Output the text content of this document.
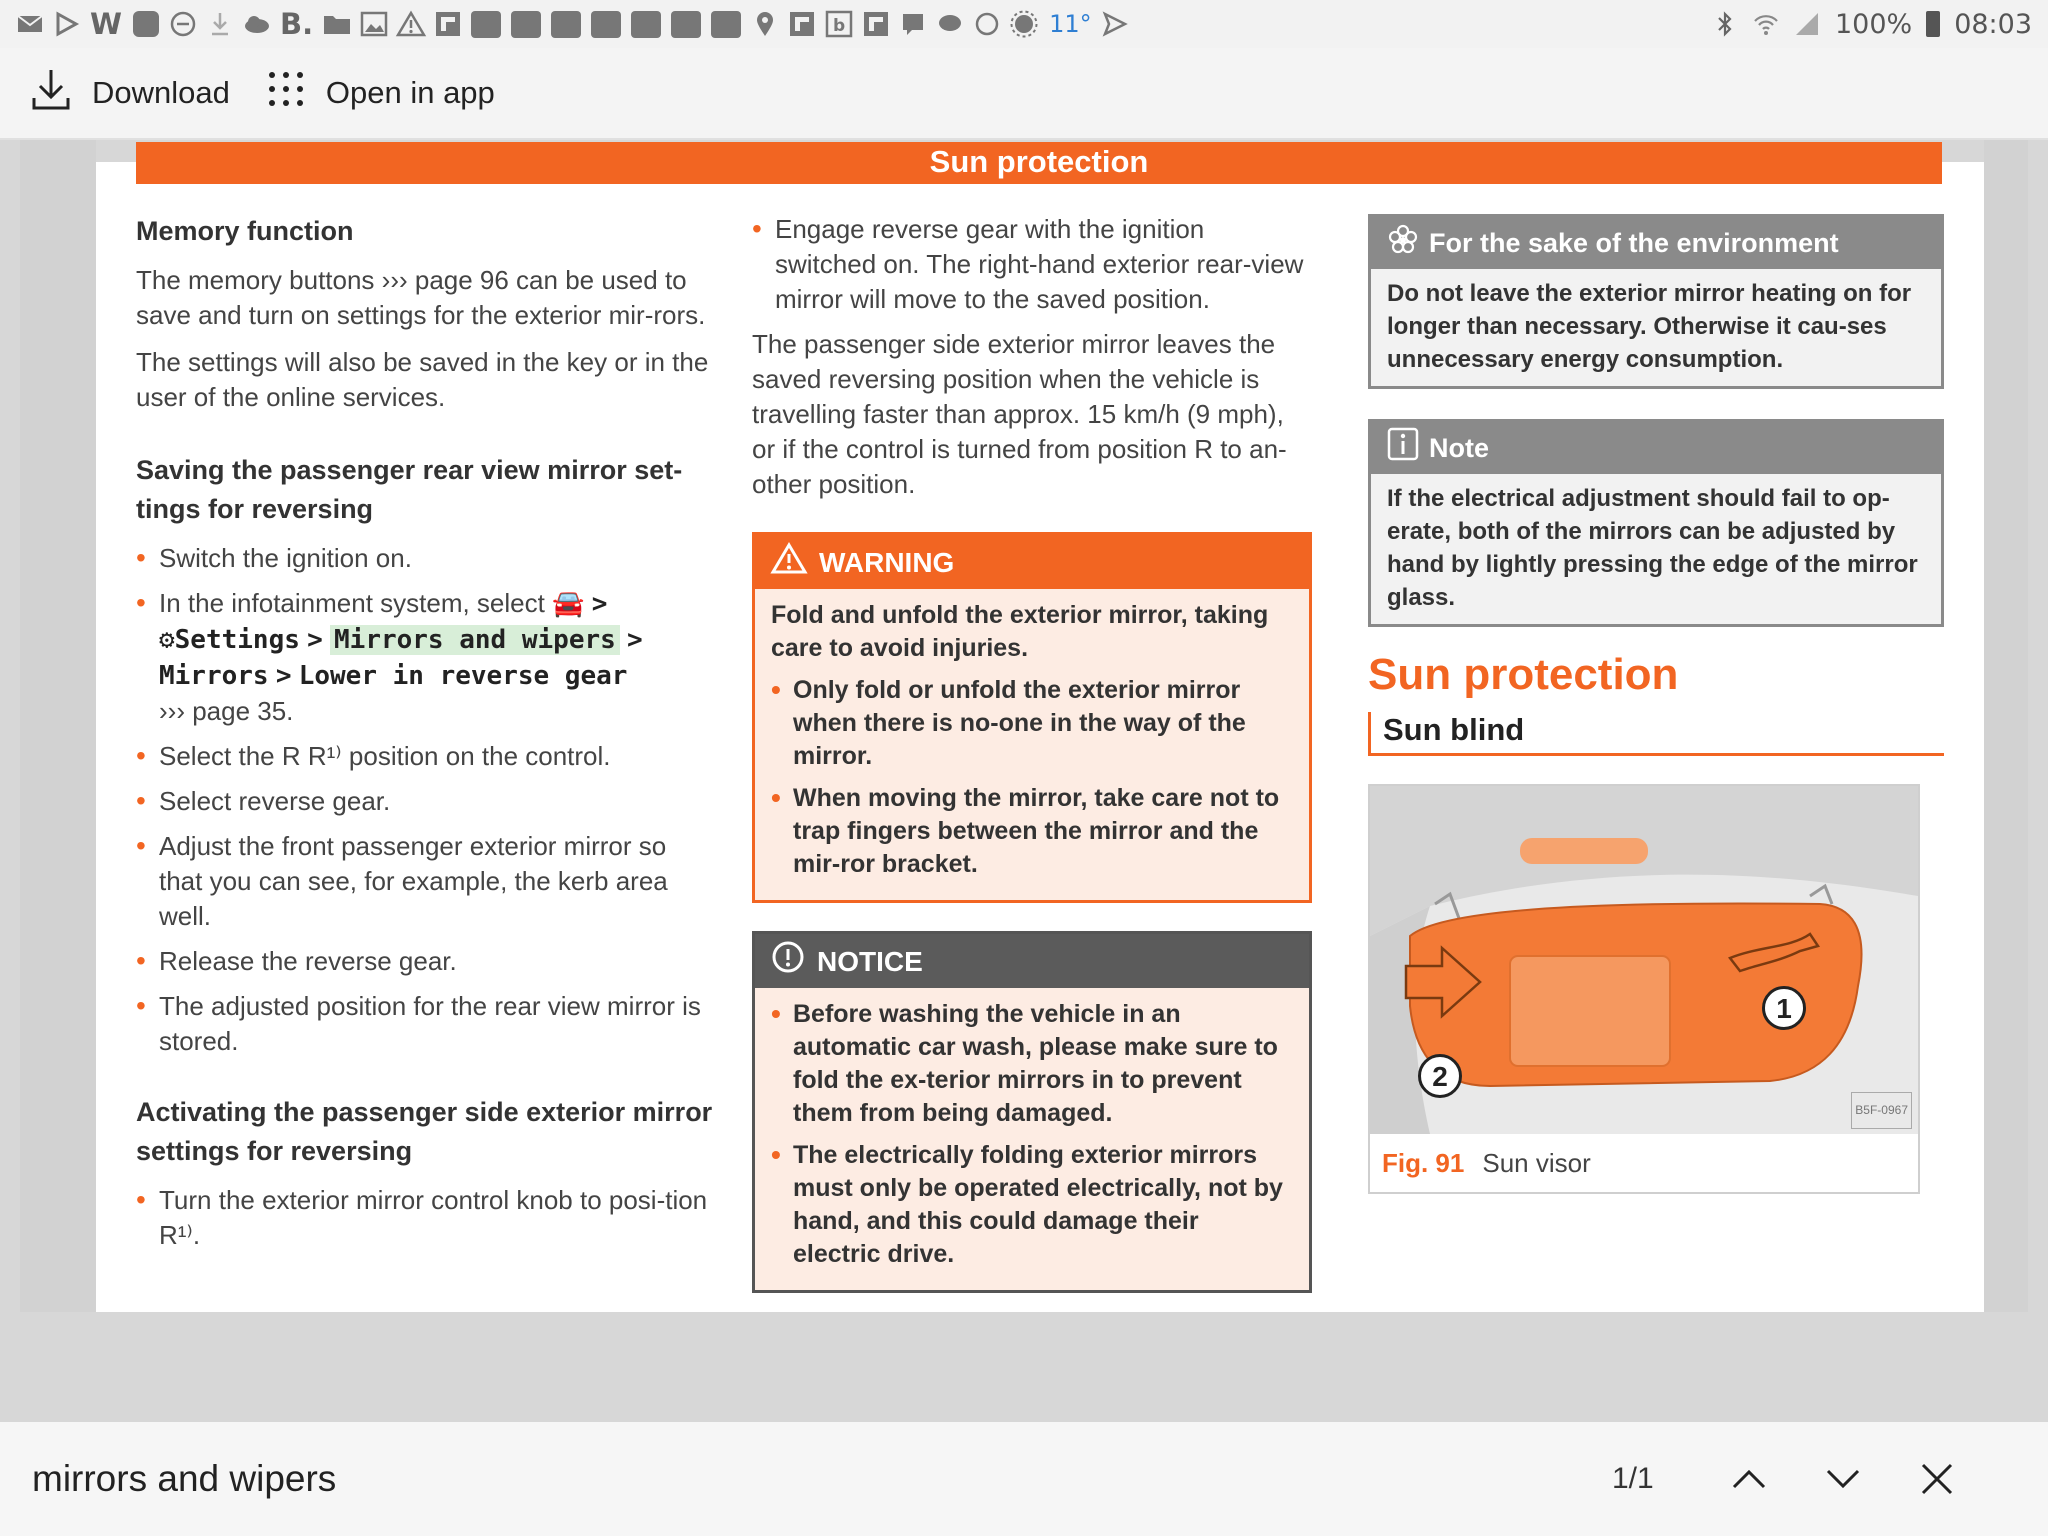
W	B.	b	11°	100% 08:03
Download	Open in app
Sun protection
Memory function

The memory buttons ››› page 96 can be used to save and turn on settings for the exterior mir-rors.

The settings will also be saved in the key or in the user of the online services.

Saving the passenger rear view mirror set-tings for reversing
• Switch the ignition on.
• In the infotainment system, select 🚘 >
⚙Settings > Mirrors and wipers >
Mirrors > Lower in reverse gear
››› page 35.
• Select the R R¹⁾ position on the control.
• Select reverse gear.
• Adjust the front passenger exterior mirror so that you can see, for example, the kerb area well.
• Release the reverse gear.
• The adjusted position for the rear view mirror is stored.
Activating the passenger side exterior mirror settings for reversing
• Turn the exterior mirror control knob to posi-tion R¹⁾.
• Engage reverse gear with the ignition switched on. The right-hand exterior rear-view mirror will move to the saved position.

The passenger side exterior mirror leaves the saved reversing position when the vehicle is travelling faster than approx. 15 km/h (9 mph), or if the control is turned from position R to an-other position.

WARNING

Fold and unfold the exterior mirror, taking care to avoid injuries.

• Only fold or unfold the exterior mirror when there is no-one in the way of the mirror.
• When moving the mirror, take care not to trap fingers between the mirror and the mir-ror bracket.
NOTICE
• Before washing the vehicle in an automatic car wash, please make sure to fold the ex-terior mirrors in to prevent them from being damaged.
• The electrically folding exterior mirrors must only be operated electrically, not by hand, and this could damage their electric drive.
For the sake of the environment
Do not leave the exterior mirror heating on for longer than necessary. Otherwise it cau-ses unnecessary energy consumption.
Note
If the electrical adjustment should fail to op-erate, both of the mirrors can be adjusted by hand by lightly pressing the edge of the mirror glass.
Sun protection
Sun blind
1
2
B5F-0967
Fig. 91 Sun visor
mirrors and wipers
1/1
